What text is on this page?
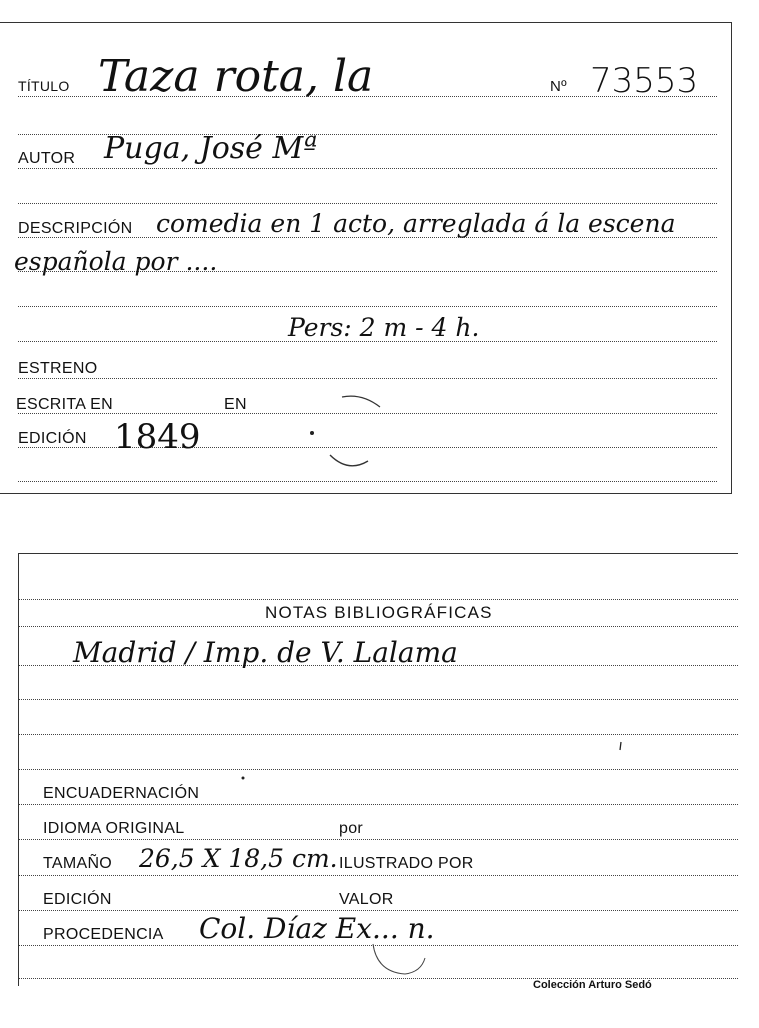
TÍTULO Taza rota, la	Nº 73553
AUTOR Puga, José Mª
DESCRIPCIÓN comedia en 1 acto, arreglada á la escena
española por ....
Pers: 2 m - 4 h.
ESTRENO
ESCRITA EN	EN
EDICIÓN 1849
NOTAS BIBLIOGRÁFICAS
Madrid / Imp. de V. Lalama
ENCUADERNACIÓN
IDIOMA ORIGINAL	por
TAMAÑO 26,5 X 18,5 cm. ILUSTRADO POR
EDICIÓN	VALOR
PROCEDENCIA Col. Díaz Ex... n.
Colección Arturo Sedó
